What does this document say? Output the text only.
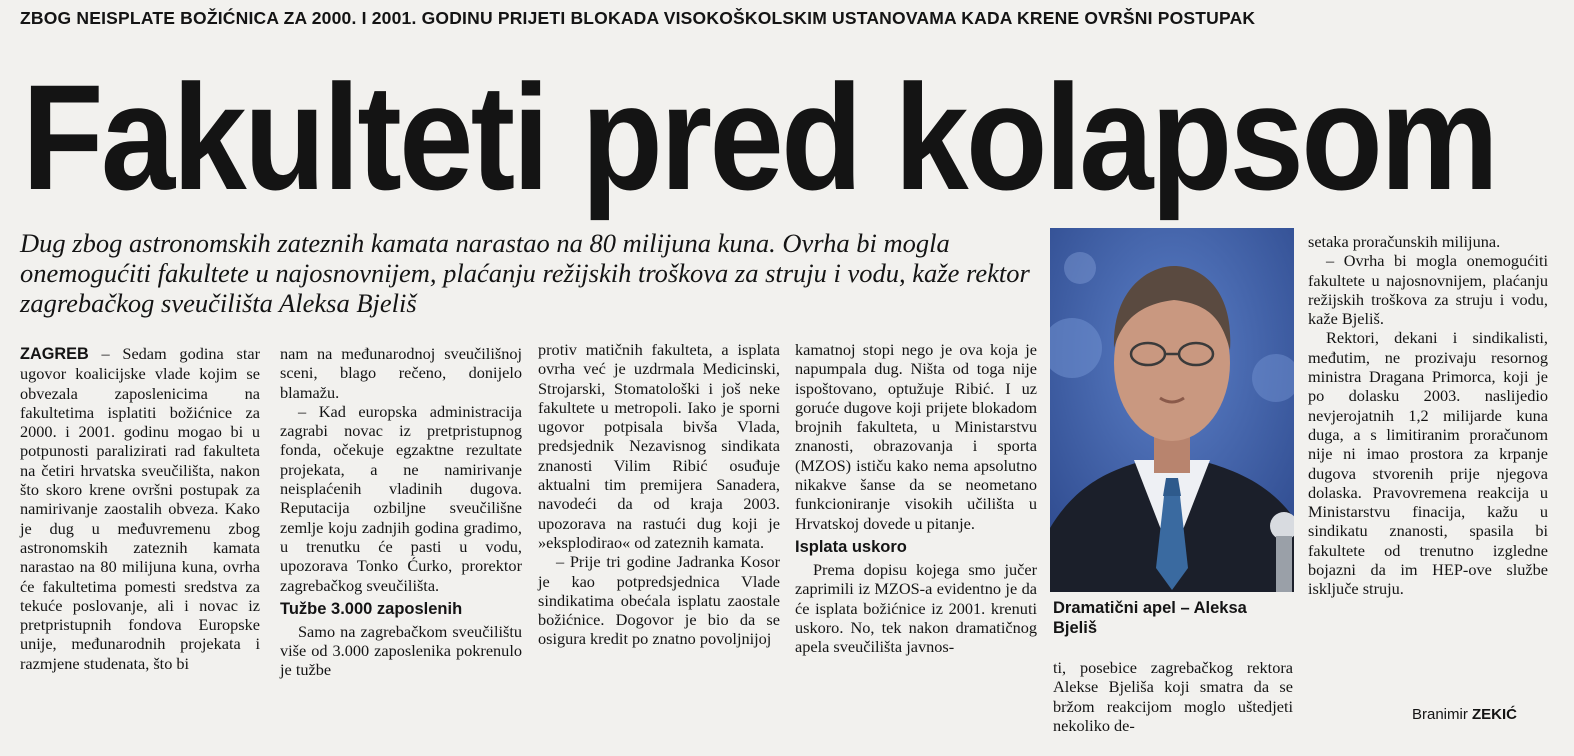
ZBOG NEISPLATE BOŽIĆNICA ZA 2000. I 2001. GODINU PRIJETI BLOKADA VISOKOŠKOLSKIM USTANOVAMA KADA KRENE OVRŠNI POSTUPAK
Fakulteti pred kolapsom
Dug zbog astronomskih zateznih kamata narastao na 80 milijuna kuna. Ovrha bi mogla onemogućiti fakultete u najosnovnijem, plaćanju režijskih troškova za struju i vodu, kaže rektor zagrebačkog sveučilišta Aleksa Bjeliš

ZAGREB – Sedam godina star ugovor koalicijske vlade kojim se obvezala zaposlenicima na fakultetima isplatiti božićnice za 2000. i 2001. godinu mogao bi u potpunosti paralizirati rad fakulteta na četiri hrvatska sveučilišta, nakon što skoro krene ovršni postupak za namirivanje zaostalih obveza. Kako je dug u međuvremenu zbog astronomskih zateznih kamata narastao na 80 milijuna kuna, ovrha će fakultetima pomesti sredstva za tekuće poslovanje, ali i novac iz pretpristupnih fondova Europske unije, međunarodnih projekata i razmjene studenata, što bi

nam na međunarodnoj sveučilišnoj sceni, blago rečeno, donijelo blamažu.

– Kad europska administracija zagrabi novac iz pretpristupnog fonda, očekuje egzaktne rezultate projekata, a ne namirivanje neisplaćenih vladinih dugova. Reputacija ozbiljne sveučilišne zemlje koju zadnjih godina gradimo, u trenutku će pasti u vodu, upozorava Tonko Ćurko, prorektor zagrebačkog sveučilišta.

Tužbe 3.000 zaposlenih

Samo na zagrebačkom sveučilištu više od 3.000 zaposlenika pokrenulo je tužbe

protiv matičnih fakulteta, a isplata ovrha već je uzdrmala Medicinski, Strojarski, Stomatološki i još neke fakultete u metropoli. Iako je sporni ugovor potpisala bivša Vlada, predsjednik Nezavisnog sindikata znanosti Vilim Ribić osuđuje aktualni tim premijera Sanadera, navodeći da od kraja 2003. upozorava na rastući dug koji je »eksplodirao« od zateznih kamata.

– Prije tri godine Jadranka Kosor je kao potpredsjednica Vlade sindikatima obećala isplatu zaostale božićnice. Dogovor je bio da se osigura kredit po znatno povoljnijoj

kamatnoj stopi nego je ova koja je napumpala dug. Ništa od toga nije ispoštovano, optužuje Ribić. I uz goruće dugove koji prijete blokadom brojnih fakulteta, u Ministarstvu znanosti, obrazovanja i sporta (MZOS) ističu kako nema apsolutno nikakve šanse da se neometano funkcioniranje visokih učilišta u Hrvatskoj dovede u pitanje.

Isplata uskoro

Prema dopisu kojega smo jučer zaprimili iz MZOS-a evidentno je da će isplata božićnice iz 2001. krenuti uskoro. No, tek nakon dramatičnog apela sveučilišta javnos-

Dramatični apel – Aleksa Bjeliš

ti, posebice zagrebačkog rektora Alekse Bjeliša koji smatra da se bržom reakcijom moglo uštedjeti nekoliko de-

setaka proračunskih milijuna.

– Ovrha bi mogla onemogućiti fakultete u najosnovnijem, plaćanju režijskih troškova za struju i vodu, kaže Bjeliš.

Rektori, dekani i sindikalisti, međutim, ne prozivaju resornog ministra Dragana Primorca, koji je po dolasku 2003. naslijedio nevjerojatnih 1,2 milijarde kuna duga, a s limitiranim proračunom nije ni imao prostora za krpanje dugova stvorenih prije njegova dolaska. Pravovremena reakcija u Ministarstvu finacija, kažu u sindikatu znanosti, spasila bi fakultete od trenutno izgledne bojazni da im HEP-ove službe isključe struju.

Branimir ZEKIĆ
